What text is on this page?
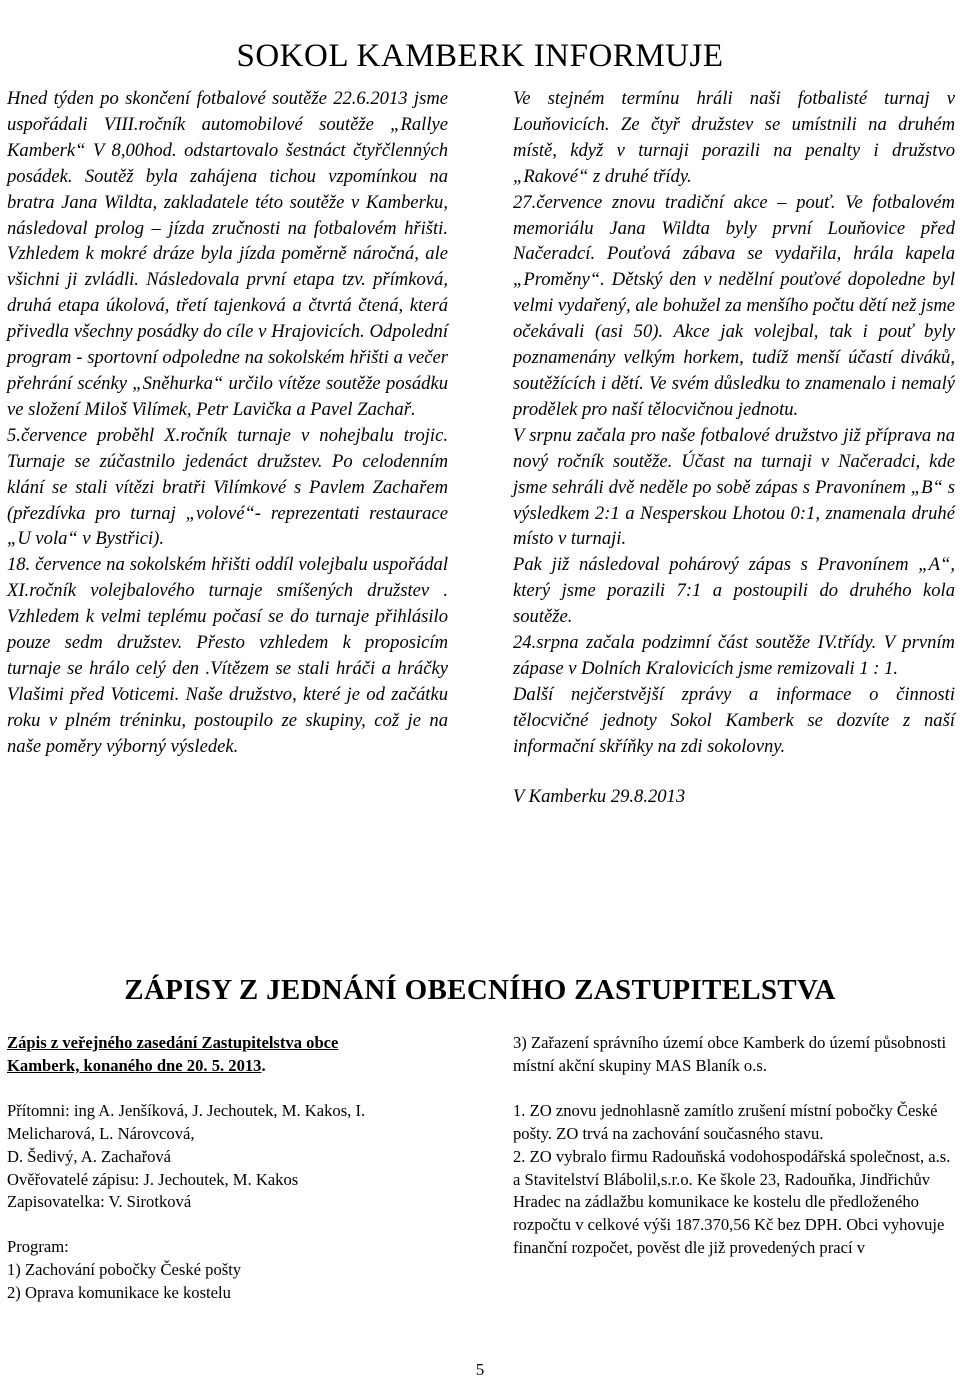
SOKOL KAMBERK INFORMUJE

Hned týden po skončení fotbalové soutěže 22.6.2013 jsme uspořádali VIII.ročník automobilové soutěže „Rallye Kamberk“ V 8,00hod. odstartovalo šestnáct čtyřčlenných posádek. Soutěž byla zahájena tichou vzpomínkou na bratra Jana Wildta, zakladatele této soutěže v Kamberku, následoval prolog – jízda zručnosti na fotbalovém hřišti. Vzhledem k mokré dráze byla jízda poměrně náročná, ale všichni ji zvládli. Následovala první etapa tzv. přímková, druhá etapa úkolová, třetí tajenková a čtvrtá čtená, která přivedla všechny posádky do cíle v Hrajovicích. Odpolední program - sportovní odpoledne na sokolském hřišti a večer přehrání scénky „Sněhurka“ určilo vítěze soutěže posádku ve složení Miloš Vilímek, Petr Lavička a Pavel Zachař.

5.července proběhl X.ročník turnaje v nohejbalu trojic. Turnaje se zúčastnilo jedenáct družstev. Po celodenním klání se stali vítězi bratři Vilímkové s Pavlem Zachařem (přezdívka pro turnaj „volové“- reprezentati restaurace „U vola“ v Bystřici).

18. července na sokolském hřišti oddíl volejbalu uspořádal XI.ročník volejbalového turnaje smíšených družstev . Vzhledem k velmi teplému počasí se do turnaje přihlásilo pouze sedm družstev. Přesto vzhledem k proposicím turnaje se hrálo celý den .Vítězem se stali hráči a hráčky Vlašimi před Voticemi. Naše družstvo, které je od začátku roku v plném tréninku, postoupilo ze skupiny, což je na naše poměry výborný výsledek.

Ve stejném termínu hráli naši fotbalisté turnaj v Louňovicích. Ze čtyř družstev se umístnili na druhém místě, když v turnaji porazili na penalty i družstvo „Rakové“ z druhé třídy.

27.července znovu tradiční akce – pouť. Ve fotbalovém memoriálu Jana Wildta byly první Louňovice před Načeradcí. Pouťová zábava se vydařila, hrála kapela „Proměny“. Dětský den v nedělní pouťové dopoledne byl velmi vydařený, ale bohužel za menšího počtu dětí než jsme očekávali (asi 50). Akce jak volejbal, tak i pouť byly poznamenány velkým horkem, tudíž menší účastí diváků, soutěžících i dětí. Ve svém důsledku to znamenalo i nemalý prodělek pro naší tělocvičnou jednotu.

V srpnu začala pro naše fotbalové družstvo již příprava na nový ročník soutěže. Účast na turnaji v Načeradci, kde jsme sehráli dvě neděle po sobě zápas s Pravonínem „B“ s výsledkem 2:1 a Nesperskou Lhotou 0:1, znamenala druhé místo v turnaji.

Pak již následoval pohárový zápas s Pravonínem „A“, který jsme porazili 7:1 a postoupili do druhého kola soutěže.

24.srpna začala podzimní část soutěže IV.třídy. V prvním zápase v Dolních Kralovicích jsme remizovali 1 : 1.

Další nejčerstvější zprávy a informace o činnosti tělocvičné jednoty Sokol Kamberk se dozvíte z naší informační skříňky na zdi sokolovny.

V Kamberku 29.8.2013

ZÁPISY Z JEDNÁNÍ OBECNÍHO ZASTUPITELSTVA

Zápis z veřejného zasedání Zastupitelstva obce
Kamberk, konaného dne 20. 5. 2013.

Přítomni: ing A. Jenšíková, J. Jechoutek, M. Kakos, I.

Melicharová, L. Nárovcová,

D. Šedivý, A. Zachařová

Ověřovatelé zápisu: J. Jechoutek, M. Kakos

Zapisovatelka: V. Sirotková

Program:

1) Zachování pobočky České pošty

2) Oprava komunikace ke kostelu

3) Zařazení správního území obce Kamberk do území působnosti místní akční skupiny MAS Blaník o.s.

1. ZO znovu jednohlasně zamítlo zrušení místní pobočky České pošty. ZO trvá na zachování současného stavu.

2. ZO vybralo firmu Radouňská vodohospodářská společnost, a.s. a Stavitelství Blábolil,s.r.o. Ke škole 23, Radouňka, Jindřichův Hradec na zádlažbu komunikace ke kostelu dle předloženého rozpočtu v celkové výši 187.370,56 Kč bez DPH. Obci vyhovuje finanční rozpočet, pověst dle již provedených prací v

5
